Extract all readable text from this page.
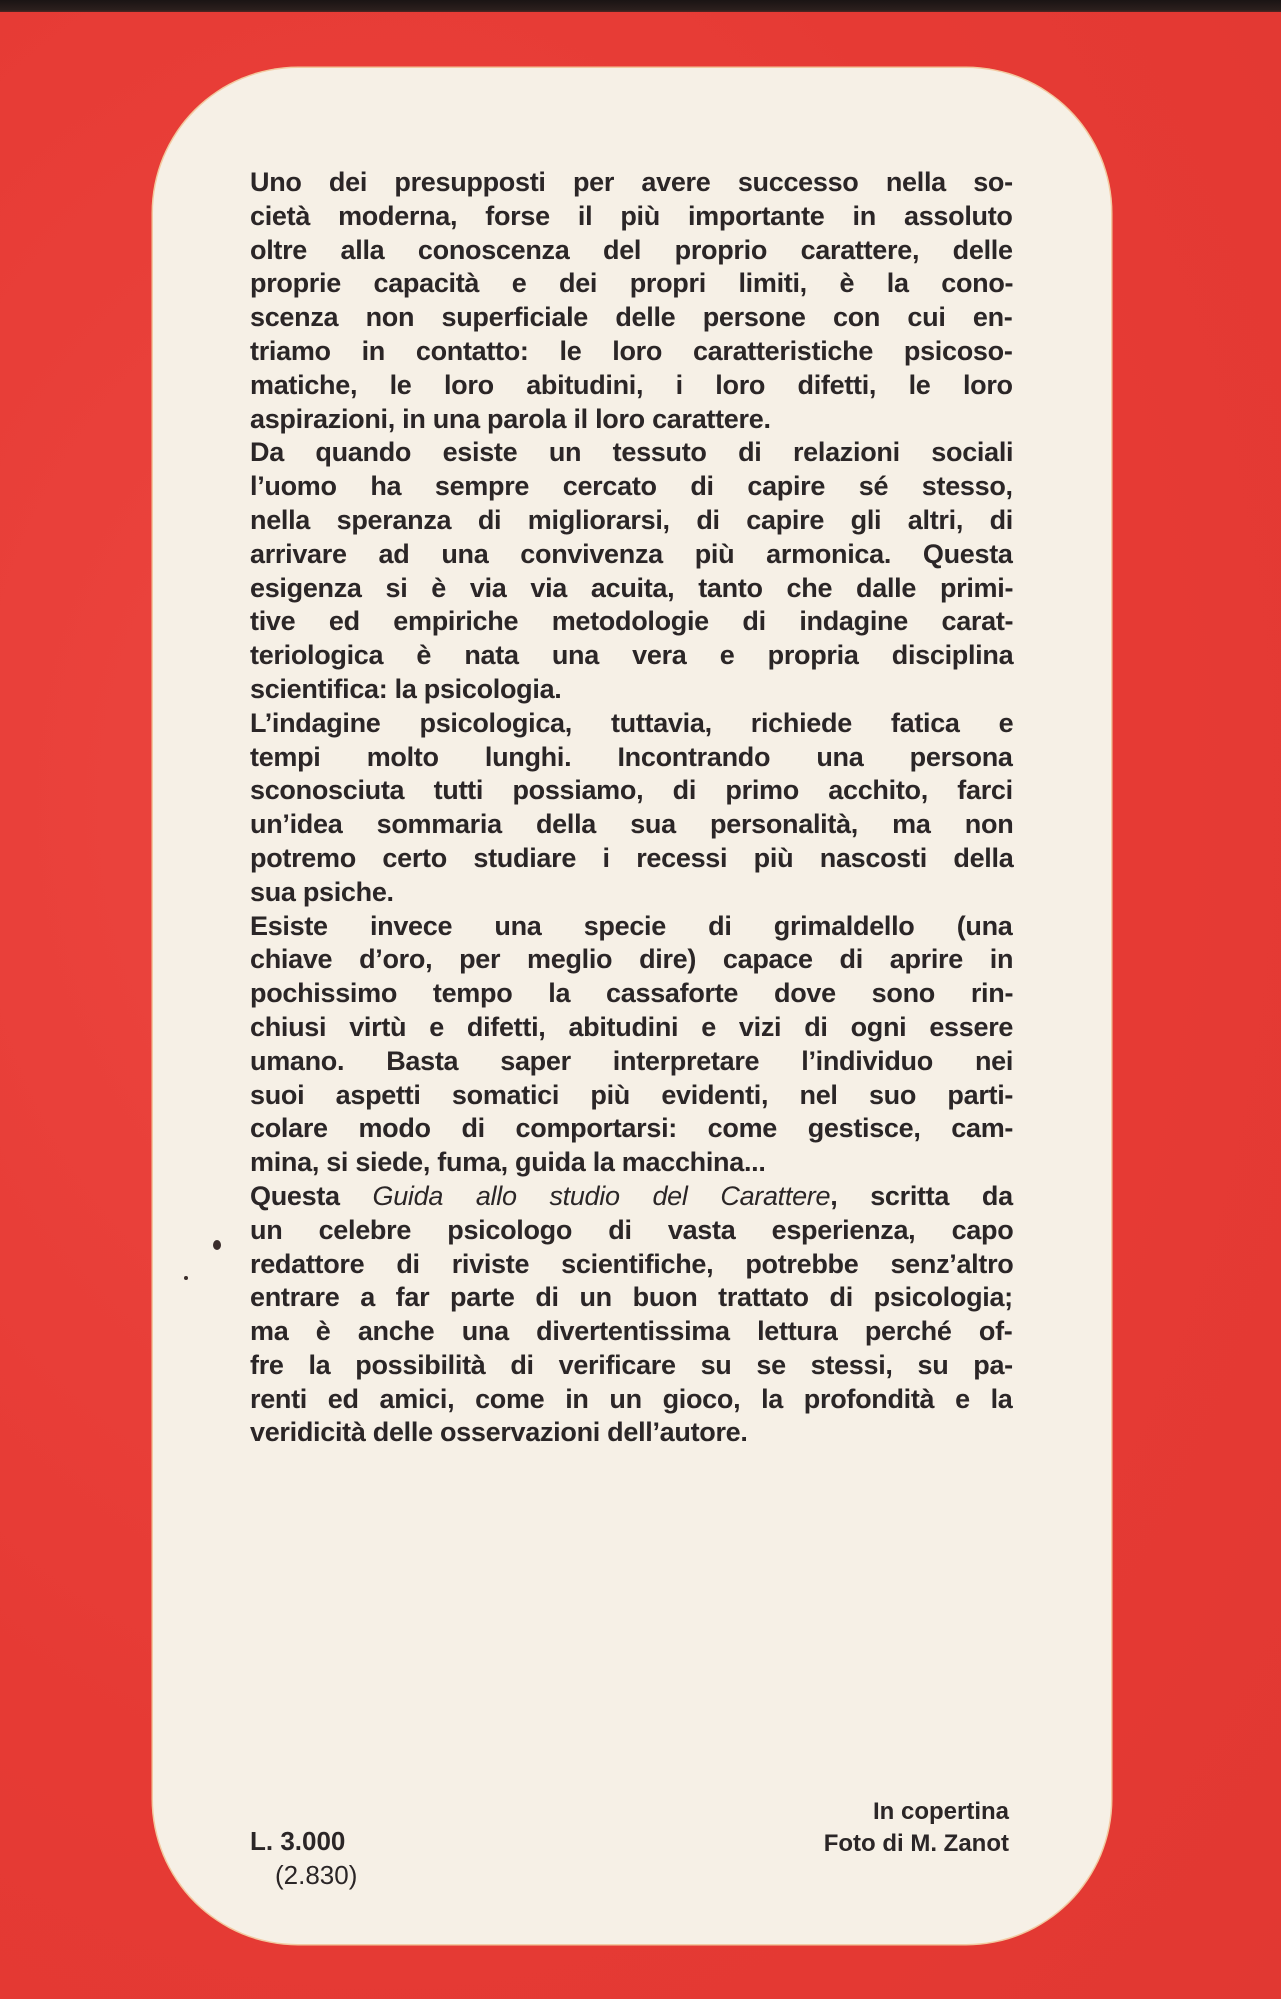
Uno dei presupposti per avere successo nella so-
cietà moderna, forse il più importante in assoluto
oltre alla conoscenza del proprio carattere, delle
proprie capacità e dei propri limiti, è la cono-
scenza non superficiale delle persone con cui en-
triamo in contatto: le loro caratteristiche psicoso-
matiche, le loro abitudini, i loro difetti, le loro
aspirazioni, in una parola il loro carattere.
Da quando esiste un tessuto di relazioni sociali
l’uomo ha sempre cercato di capire sé stesso,
nella speranza di migliorarsi, di capire gli altri, di
arrivare ad una convivenza più armonica. Questa
esigenza si è via via acuita, tanto che dalle primi-
tive ed empiriche metodologie di indagine carat-
teriologica è nata una vera e propria disciplina
scientifica: la psicologia.
L’indagine psicologica, tuttavia, richiede fatica e
tempi molto lunghi. Incontrando una persona
sconosciuta tutti possiamo, di primo acchito, farci
un’idea sommaria della sua personalità, ma non
potremo certo studiare i recessi più nascosti della
sua psiche.
Esiste invece una specie di grimaldello (una
chiave d’oro, per meglio dire) capace di aprire in
pochissimo tempo la cassaforte dove sono rin-
chiusi virtù e difetti, abitudini e vizi di ogni essere
umano. Basta saper interpretare l’individuo nei
suoi aspetti somatici più evidenti, nel suo parti-
colare modo di comportarsi: come gestisce, cam-
mina, si siede, fuma, guida la macchina...
Questa Guida allo studio del Carattere, scritta da
un celebre psicologo di vasta esperienza, capo
redattore di riviste scientifiche, potrebbe senz’altro
entrare a far parte di un buon trattato di psicologia;
ma è anche una divertentissima lettura perché of-
fre la possibilità di verificare su se stessi, su pa-
renti ed amici, come in un gioco, la profondità e la
veridicità delle osservazioni dell’autore.
L. 3.000
(2.830)
In copertina
Foto di M. Zanot
